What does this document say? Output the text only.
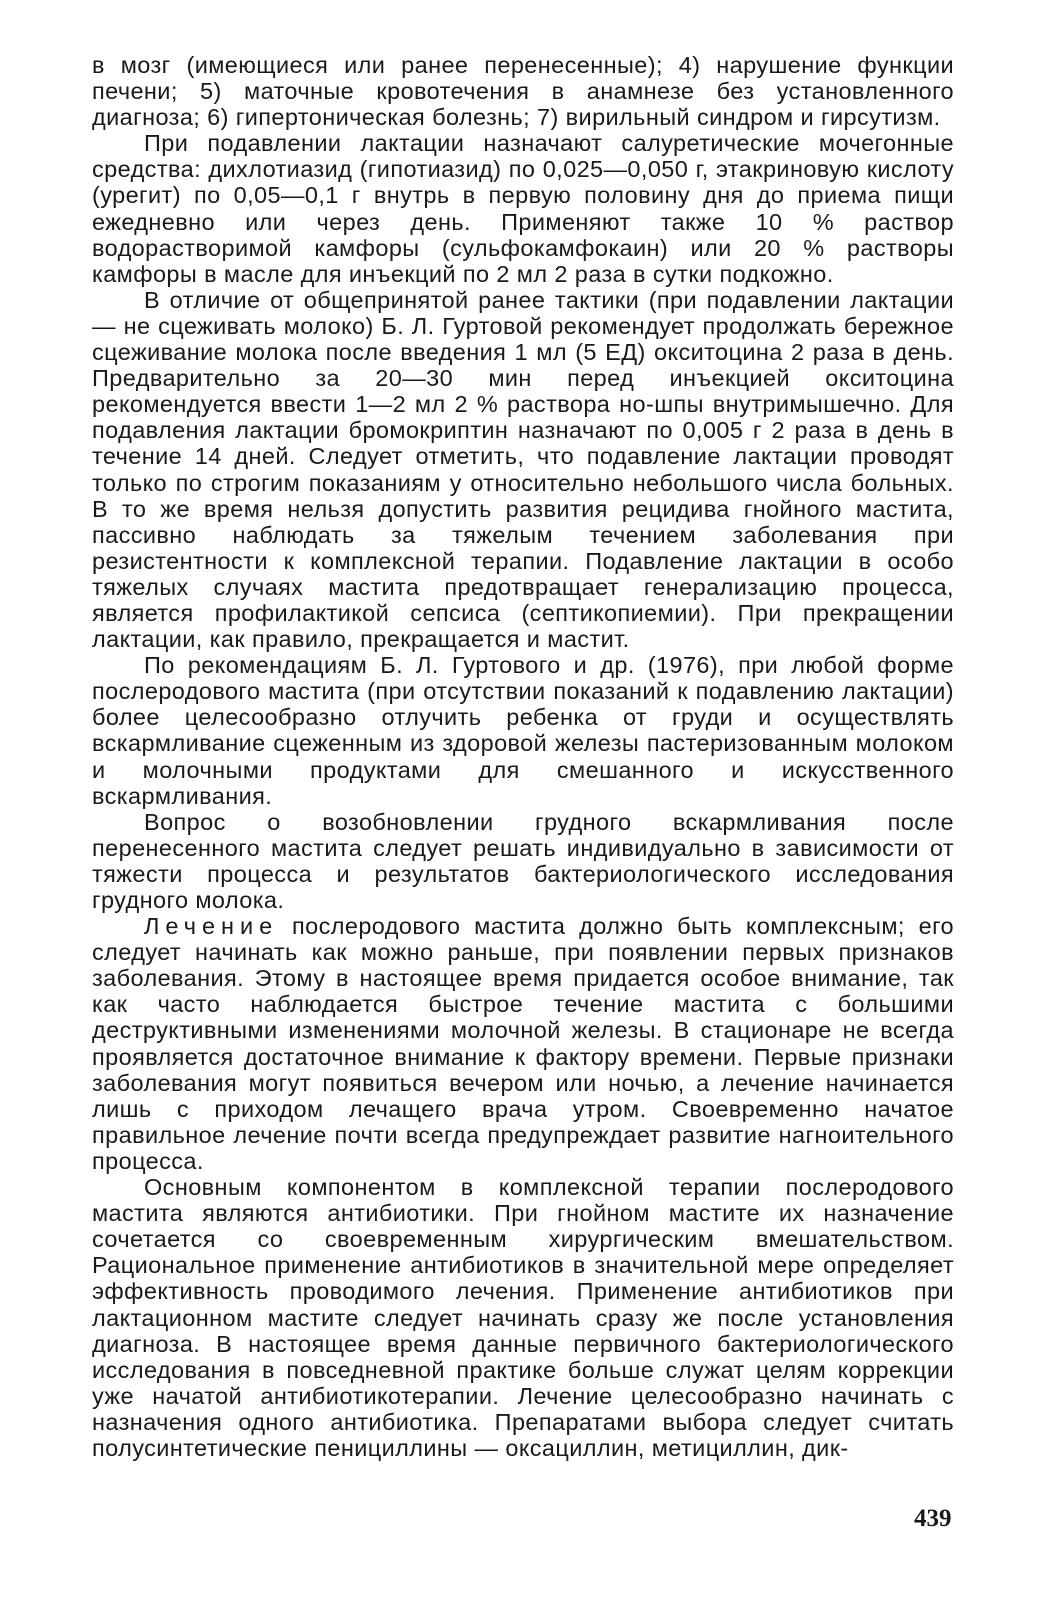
в мозг (имеющиеся или ранее перенесенные); 4) нарушение функции печени; 5) маточные кровотечения в анамнезе без установленного диагноза; 6) гипертоническая болезнь; 7) вирильный синдром и гирсутизм.

При подавлении лактации назначают салуретические мочегонные средства: дихлотиазид (гипотиазид) по 0,025—0,050 г, этакриновую кислоту (урегит) по 0,05—0,1 г внутрь в первую половину дня до приема пищи ежедневно или через день. Применяют также 10 % раствор водорастворимой камфоры (сульфокамфокаин) или 20 % растворы камфоры в масле для инъекций по 2 мл 2 раза в сутки подкожно.

В отличие от общепринятой ранее тактики (при подавлении лактации — не сцеживать молоко) Б. Л. Гуртовой рекомендует продолжать бережное сцеживание молока после введения 1 мл (5 ЕД) окситоцина 2 раза в день. Предварительно за 20—30 мин перед инъекцией окситоцина рекомендуется ввести 1—2 мл 2 % раствора но-шпы внутримышечно. Для подавления лактации бромокриптин назначают по 0,005 г 2 раза в день в течение 14 дней. Следует отметить, что подавление лактации проводят только по строгим показаниям у относительно небольшого числа больных. В то же время нельзя допустить развития рецидива гнойного мастита, пассивно наблюдать за тяжелым течением заболевания при резистентности к комплексной терапии. Подавление лактации в особо тяжелых случаях мастита предотвращает генерализацию процесса, является профилактикой сепсиса (септикопиемии). При прекращении лактации, как правило, прекращается и мастит.

По рекомендациям Б. Л. Гуртового и др. (1976), при любой форме послеродового мастита (при отсутствии показаний к подавлению лактации) более целесообразно отлучить ребенка от груди и осуществлять вскармливание сцеженным из здоровой железы пастеризованным молоком и молочными продуктами для смешанного и искусственного вскармливания.

Вопрос о возобновлении грудного вскармливания после перенесенного мастита следует решать индивидуально в зависимости от тяжести процесса и результатов бактериологического исследования грудного молока.

Лечение послеродового мастита должно быть комплексным; его следует начинать как можно раньше, при появлении первых признаков заболевания. Этому в настоящее время придается особое внимание, так как часто наблюдается быстрое течение мастита с большими деструктивными изменениями молочной железы. В стационаре не всегда проявляется достаточное внимание к фактору времени. Первые признаки заболевания могут появиться вечером или ночью, а лечение начинается лишь с приходом лечащего врача утром. Своевременно начатое правильное лечение почти всегда предупреждает развитие нагноительного процесса.

Основным компонентом в комплексной терапии послеродового мастита являются антибиотики. При гнойном мастите их назначение сочетается со своевременным хирургическим вмешательством. Рациональное применение антибиотиков в значительной мере определяет эффективность проводимого лечения. Применение антибиотиков при лактационном мастите следует начинать сразу же после установления диагноза. В настоящее время данные первичного бактериологического исследования в повседневной практике больше служат целям коррекции уже начатой антибиотикотерапии. Лечение целесообразно начинать с назначения одного антибиотика. Препаратами выбора следует считать полусинтетические пенициллины — оксациллин, метициллин, дик-

439
